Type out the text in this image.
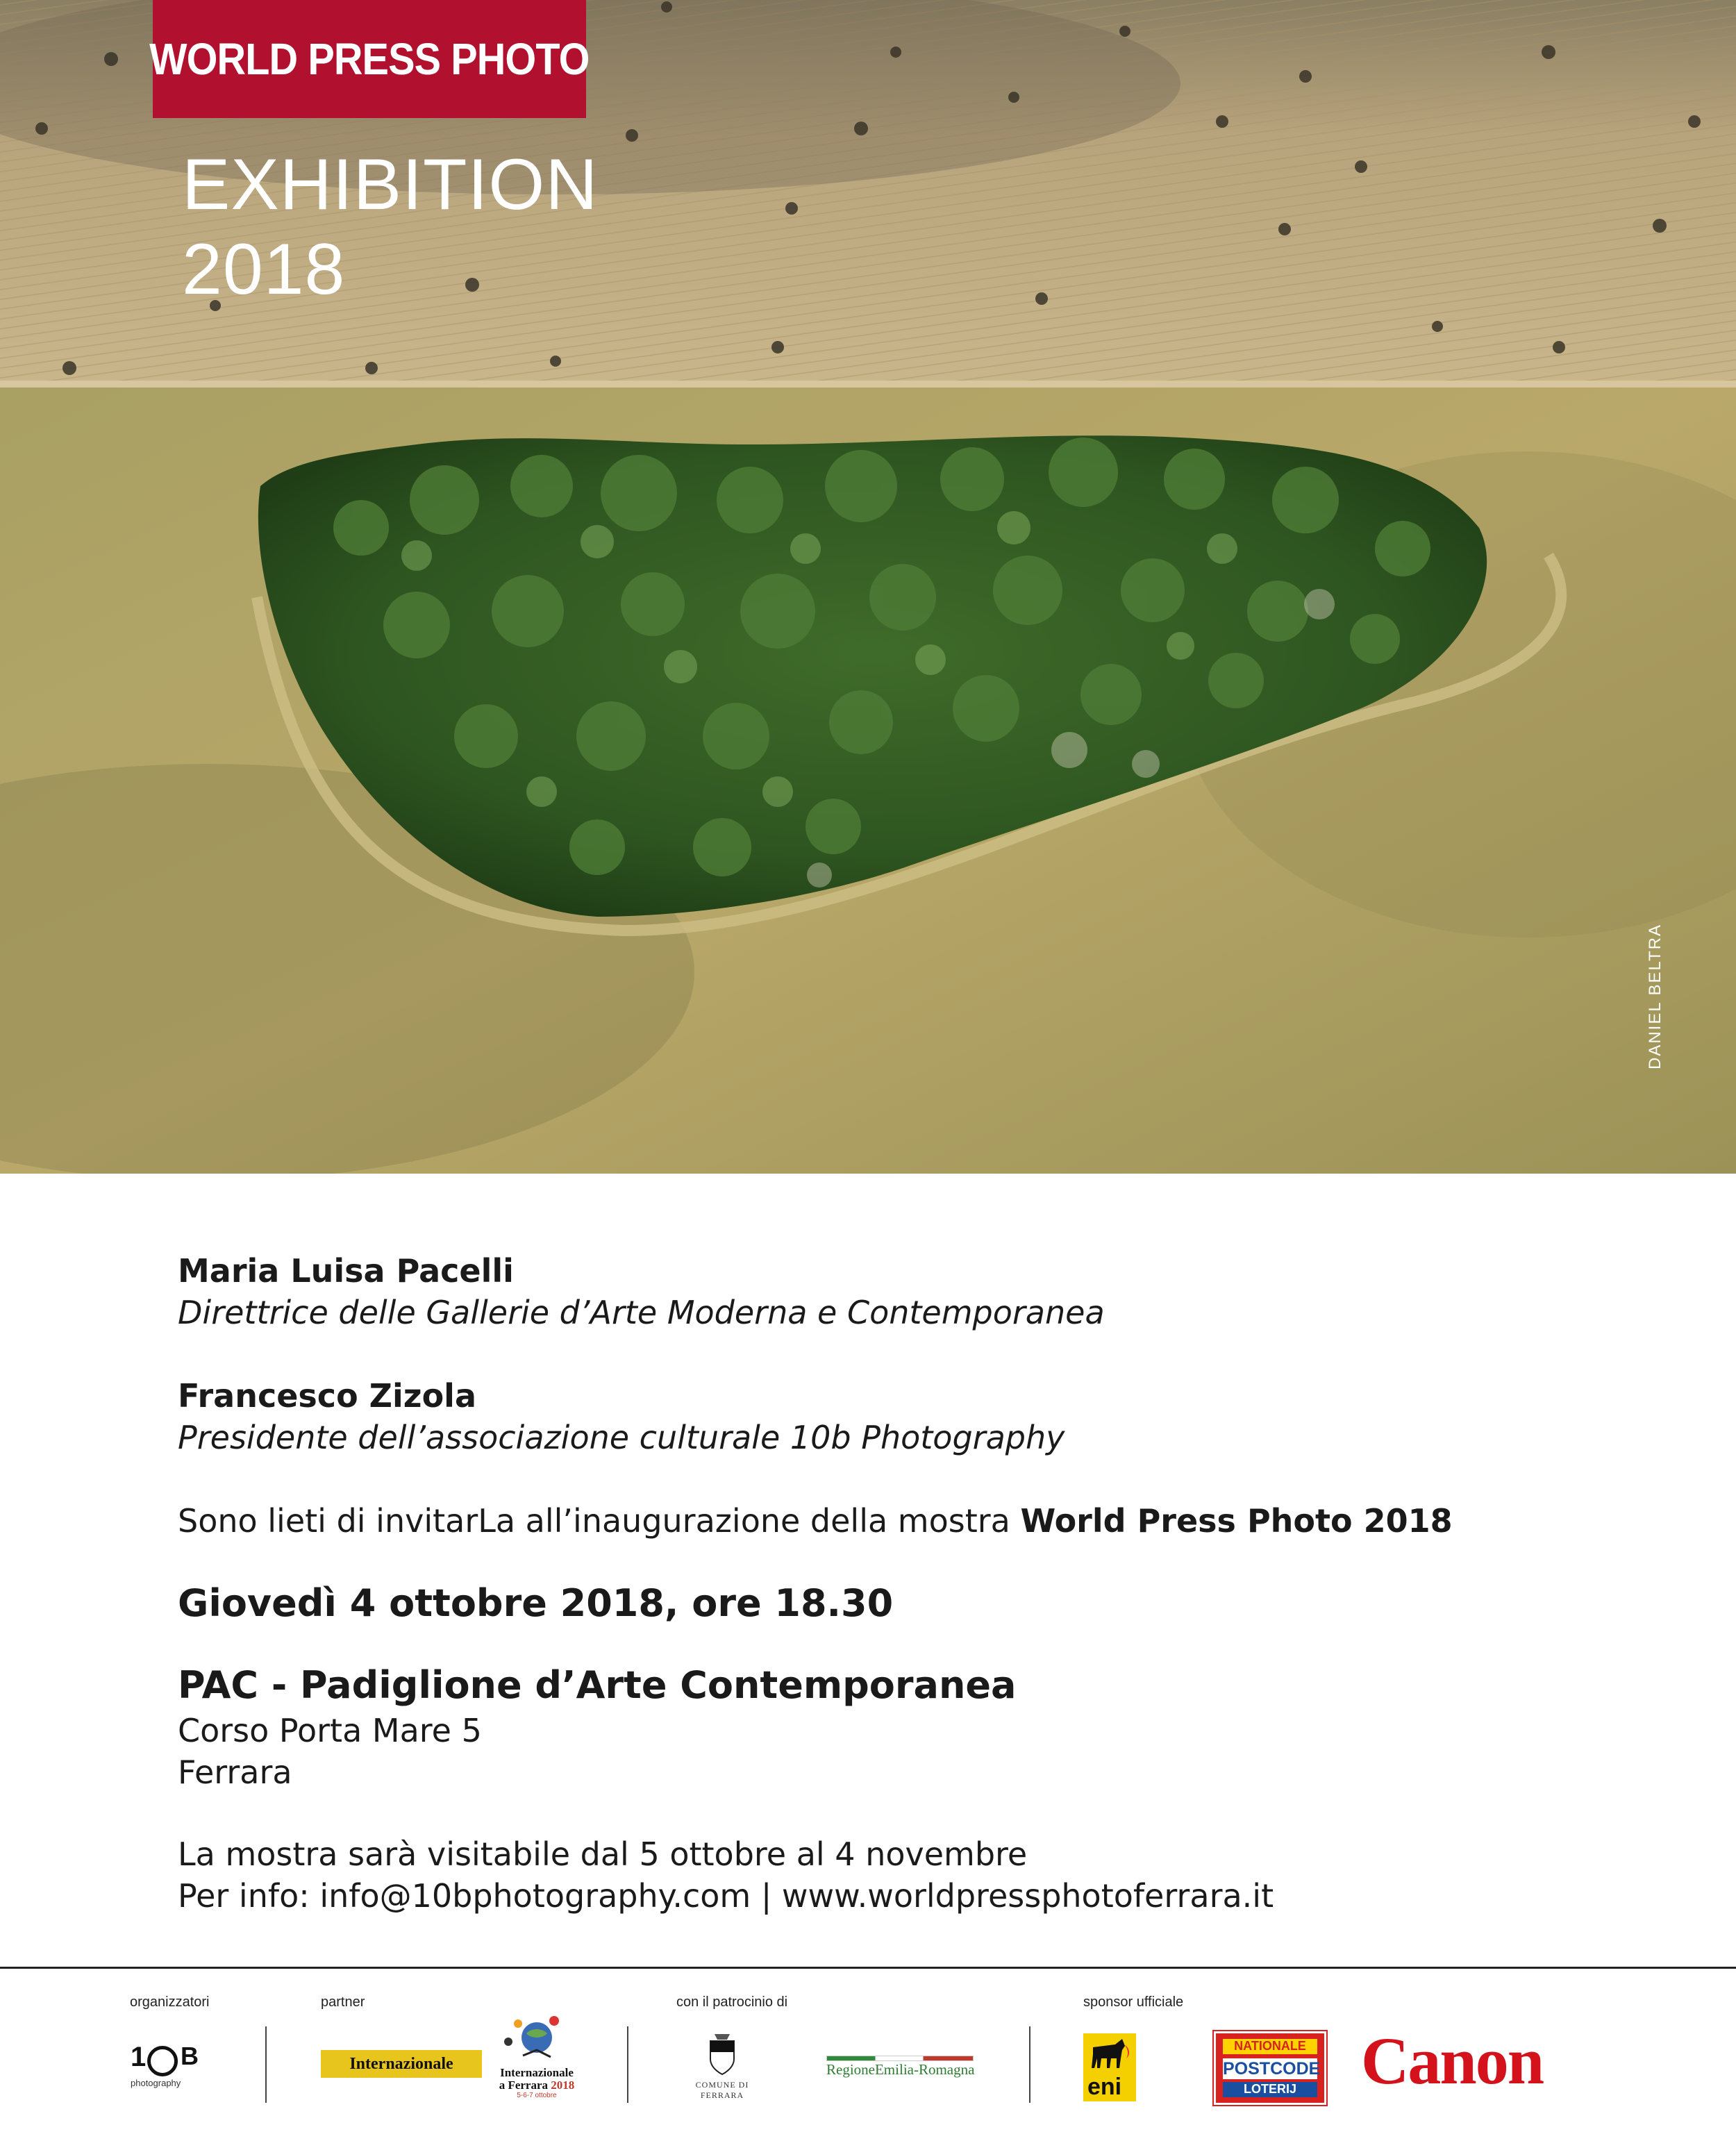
WORLD PRESS PHOTO
EXHIBITION
2018
DANIEL BELTRA
Maria Luisa Pacelli
Direttrice delle Gallerie d’Arte Moderna e Contemporanea
Francesco Zizola
Presidente dell’associazione culturale 10b Photography
Sono lieti di invitarLa all’inaugurazione della mostra World Press Photo 2018
Giovedì 4 ottobre 2018, ore 18.30
PAC - Padiglione d’Arte Contemporanea
Corso Porta Mare 5
Ferrara
La mostra sarà visitabile dal 5 ottobre al 4 novembre
Per info: info@10bphotography.com | www.worldpressphotoferrara.it
organizzatori	partner	con il patrocinio di	sponsor ufficiale
1 B
photography
Internazionale	Internazionale
a Ferrara 2018
5-6-7 ottobre
COMUNE DI FERRARA
RegioneEmilia-Romagna
eni
NATIONALE
POSTCODE
LOTERIJ Canon
